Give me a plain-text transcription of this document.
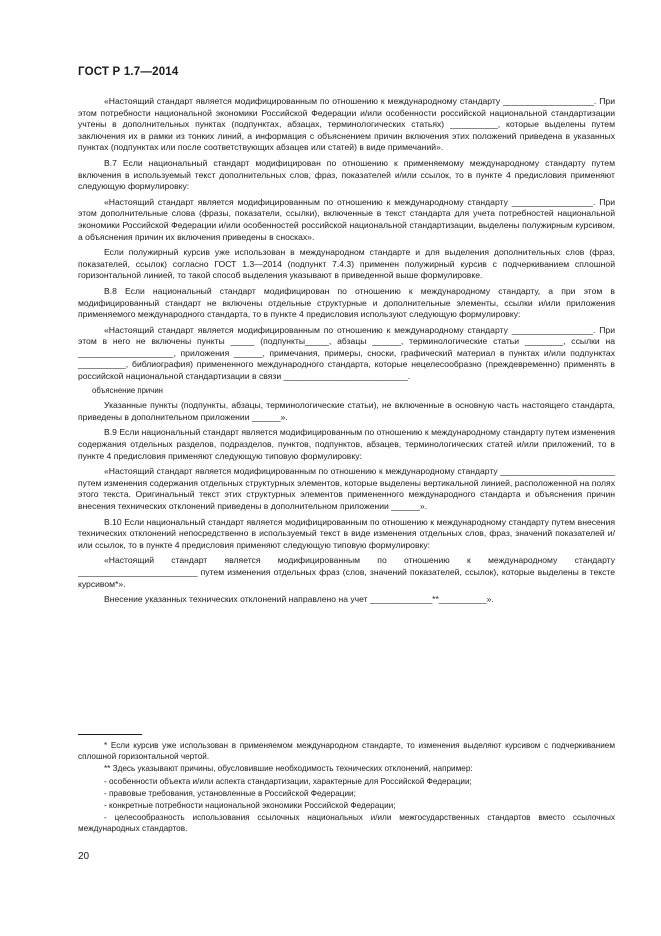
ГОСТ Р 1.7—2014

«Настоящий стандарт является модифицированным по отношению к международному стандарту ___________________. При этом потребности национальной экономики Российской Федерации и/или особенности российской национальной стандартизации учтены в дополнительных пунктах (подпунктах, абзацах, терминологических статьях) __________, которые выделены путем заключения их в рамки из тонких линий, а информация с объяснением причин включения этих положений приведена в указанных пунктах (подпунктах или после соответствующих абзацев или статей) в виде примечаний».

В.7 Если национальный стандарт модифицирован по отношению к применяемому международному стандарту путем включения в используемый текст дополнительных слов, фраз, показателей и/или ссылок, то в пункте 4 предисловия применяют следующую формулировку:

«Настоящий стандарт является модифицированным по отношению к международному стандарту _________________. При этом дополнительные слова (фразы, показатели, ссылки), включенные в текст стандарта для учета потребностей национальной экономики Российской Федерации и/или особенностей российской национальной стандартизации, выделены полужирным курсивом, а объяснения причин их включения приведены в сносках».

Если полужирный курсив уже использован в международном стандарте и для выделения дополнительных слов (фраз, показателей, ссылок) согласно ГОСТ 1.3—2014 (подпункт 7.4.3) применен полужирный курсив с подчеркиванием сплошной горизонтальной линией, то такой способ выделения указывают в приведенной выше формулировке.

В.8 Если национальный стандарт модифицирован по отношению к международному стандарту, а при этом в модифицированный стандарт не включены отдельные структурные и дополнительные элементы, ссылки и/или приложения применяемого международного стандарта, то в пункте 4 предисловия используют следующую формулировку:

«Настоящий стандарт является модифицированным по отношению к международному стандарту _________________. При этом в него не включены пункты _____ (подпункты_____, абзацы ______, терминологические статьи ________, ссылки на ____________________, приложения ______, примечания, примеры, сноски, графический материал в пунктах и/или подпунктах __________, библиография) примененного международного стандарта, которые нецелесообразно (преждевременно) применять в российской национальной стандартизации в связи __________________________.

объяснение причин

Указанные пункты (подпункты, абзацы, терминологические статьи), не включенные в основную часть настоящего стандарта, приведены в дополнительном приложении ______».

В.9 Если национальный стандарт является модифицированным по отношению к международному стандарту путем изменения содержания отдельных разделов, подразделов, пунктов, подпунктов, абзацев, терминологических статей и/или приложений, то в пункте 4 предисловия применяют следующую типовую формулировку:

«Настоящий стандарт является модифицированным по отношению к международному стандарту ________________________ путем изменения содержания отдельных структурных элементов, которые выделены вертикальной линией, расположенной на полях этого текста. Оригинальный текст этих структурных элементов примененного международного стандарта и объяснения причин внесения технических отклонений приведены в дополнительном приложении ______».

В.10 Если национальный стандарт является модифицированным по отношению к международному стандарту путем внесения технических отклонений непосредственно в используемый текст в виде изменения отдельных слов, фраз, значений показателей и/или ссылок, то в пункте 4 предисловия применяют следующую типовую формулировку:

«Настоящий стандарт является модифицированным по отношению к международному стандарту _________________________ путем изменения отдельных фраз (слов, значений показателей, ссылок), которые выделены в тексте курсивом*».

Внесение указанных технических отклонений направлено на учет _____________**__________».

* Если курсив уже использован в применяемом международном стандарте, то изменения выделяют курсивом с подчеркиванием сплошной горизонтальной чертой.

** Здесь указывают причины, обусловившие необходимость технических отклонений, например:

- особенности объекта и/или аспекта стандартизации, характерные для Российской Федерации;

- правовые требования, установленные в Российской Федерации;

- конкретные потребности национальной экономики Российской Федерации;

- целесообразность использования ссылочных национальных и/или межгосударственных стандартов вместо ссылочных международных стандартов.

20
